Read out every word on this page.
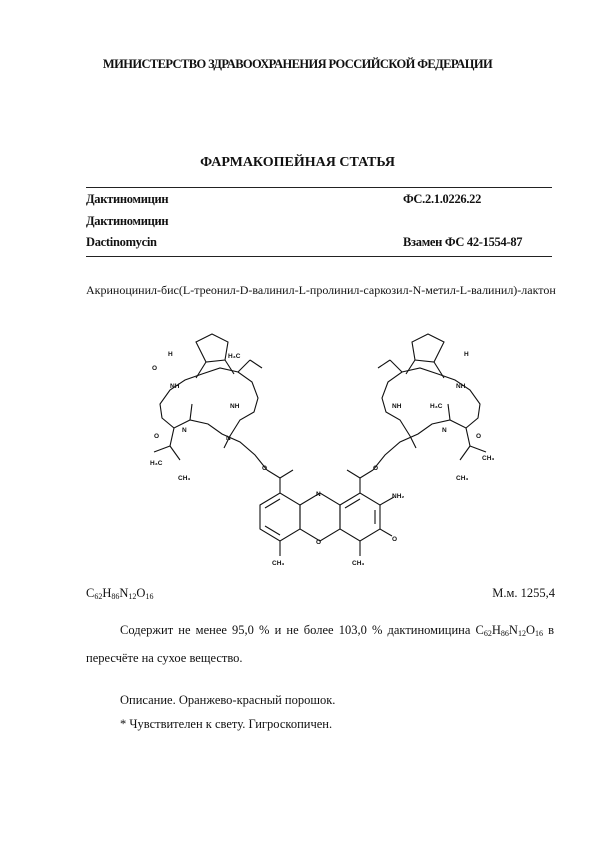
МИНИСТЕРСТВО ЗДРАВООХРАНЕНИЯ РОССИЙСКОЙ ФЕДЕРАЦИИ
ФАРМАКОПЕЙНАЯ СТАТЬЯ
Дактиномицин	ФС.2.1.0226.22
Дактиномицин
Dactinomycin	Взамен ФС 42-1554-87
Акриноцинил-бис(L-треонил-D-валинил-L-пролинил-саркозил-N-метил-L-валинил)-лактон
O
N	NH₂
O
CH₃	CH₃
O	O
H
O
NH
O
N
H₃C
CH₃
H₃C
NH
N
H
NH
N
H₃C
CH₃
CH₃
NH
O
$C_{62}H_{86}N_{12}O_{16}$	М.м. 1255,4
Содержит не менее 95,0 % и не более 103,0 % дактиномицина $C_{62}H_{86}N_{12}O_{16}$ в пересчёте на сухое вещество.
Описание. Оранжево-красный порошок.
* Чувствителен к свету. Гигроскопичен.
